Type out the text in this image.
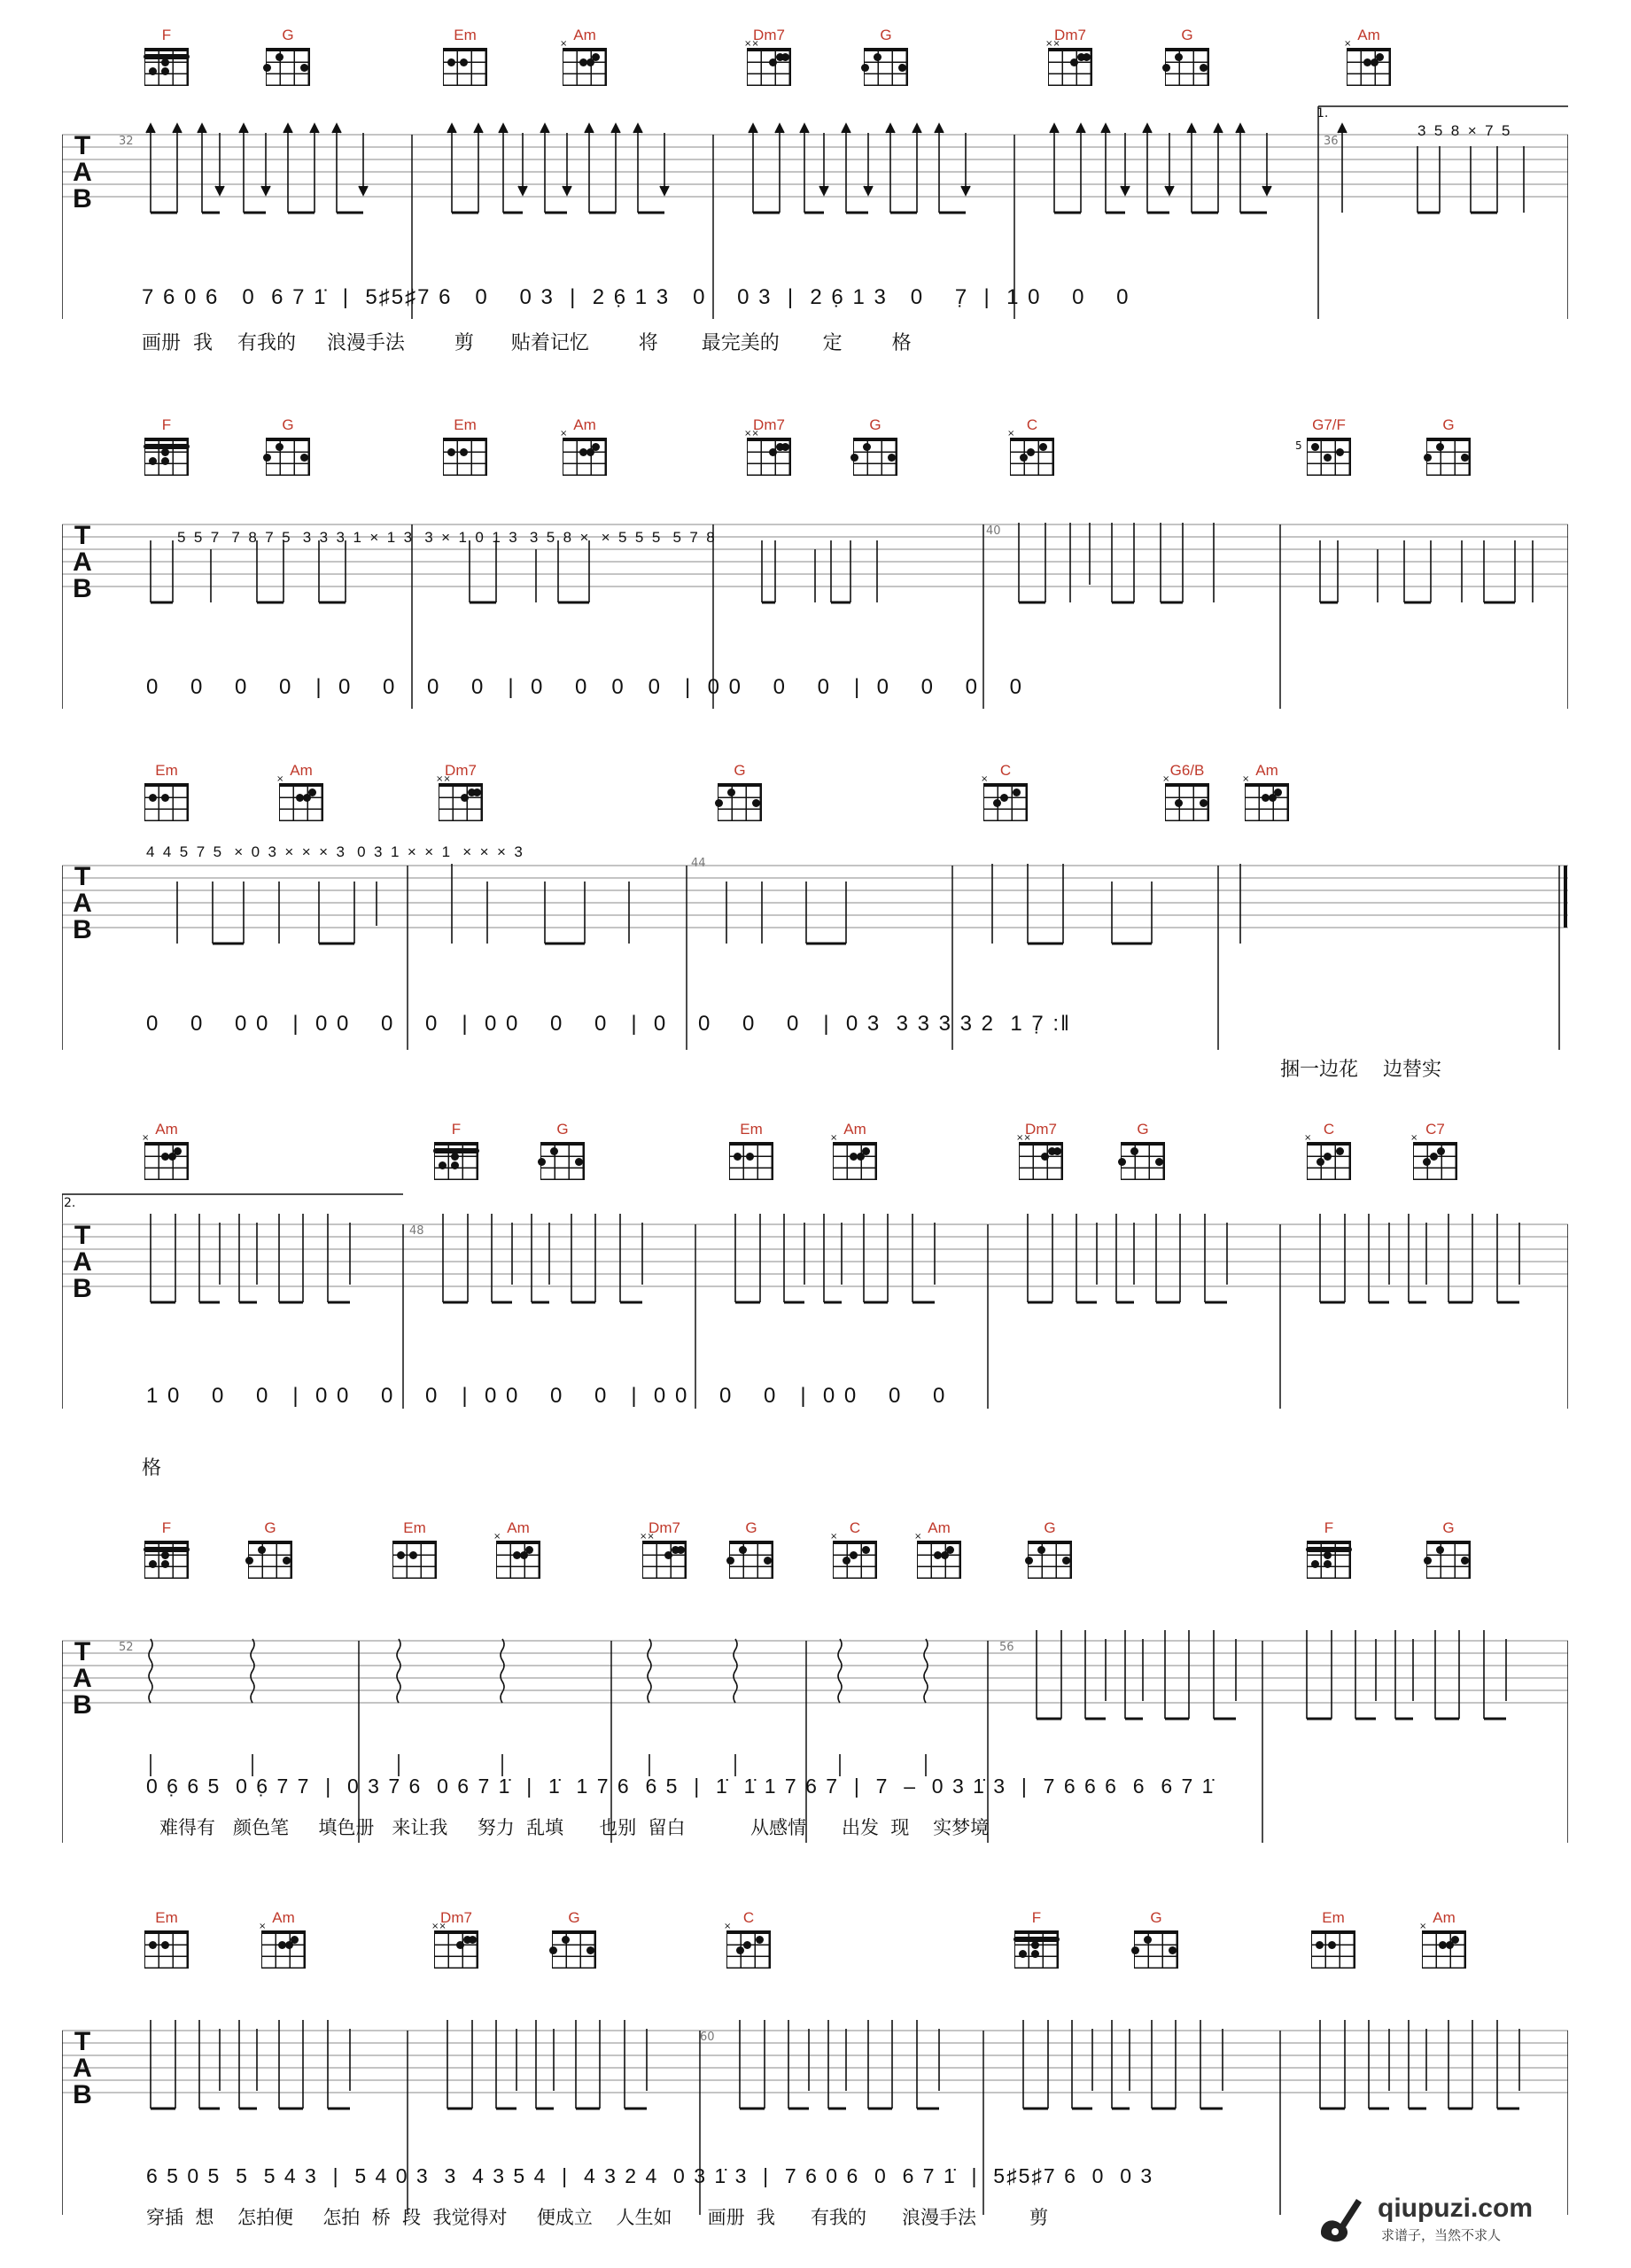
F	G	Em	Am
×
Dm7
××
G	Dm7
××
G	Am
×
1.
32	36
3  5  8  ×  7  5
T
A
B
7 6 0 6   0  6 7 1̇  |  5♯5♯7 6   0    0 3  |  2 6̣ 1 3   0    0 3  |  2 6̣ 1 3   0    7̣  |  1 0    0    0
画册  我    有我的     浪漫手法        剪      贴着记忆        将       最完美的       定        格
F	G	Em	Am
×
Dm7
××
G	C
×
G7/F
5
G
40
5  5  7   7  8  7  5   3  3  3  1  ×  1  3   3  ×  1  0  1  3   3  5  8  ×   ×  5  5  5   5  7  8
T
A
B
0    0    0    0   |  0    0    0    0   |  0    0   0   0   |  0 0    0    0   |  0    0    0    0
Em	Am
×
Dm7
××
G	C
×
G6/B
×
Am
×
44
4  4  5  7  5   ×  0  3  ×  ×  ×  3   0  3  1  ×  ×  1   ×  ×  ×  3
T
A
B
0    0    0 0   |  0 0    0    0   |  0 0    0    0   |  0    0    0    0   |  0 3  3 3 3 3 2  1 7̣ :‖
捆一边花    边替实
Am
×
F	G	Em	Am
×
Dm7
××
G	C
×
C7
×
2.
48
T
A
B
1 0    0    0   |  0 0    0    0   |  0 0    0    0   |  0 0    0    0   |  0 0    0    0
格
F	G	Em	Am
×
Dm7
××
G	C
×
Am
×
G	F	G
52	56
T
A
B
0 6̣ 6 5  0 6̣ 7 7  |  0 3 7 6  0 6 7 1̇  |  1̇  1 7 6  6 5  |  1̇  1̇ 1 7 6 7  |  7  –  0 3 1̇ 3  |  7 6 6 6  6  6 7 1̇
难得有   颜色笔     填色册   来让我     努力  乱填      也别  留白           从感情      出发  现    实梦境
Em	Am
×
Dm7
××
G	C
×
F	G	Em	Am
×
60
T
A
B
6 5 0 5  5  5 4 3  |  5 4 0 3  3  4 3 5 4  |  4 3 2 4  0 3 1̇ 3  |  7 6 0 6  0  6 7 1̇  |  5♯5♯7 6  0  0 3
穿插  想    怎拍便     怎拍  桥  段  我觉得对     便成立    人生如      画册  我      有我的      浪漫手法         剪	qiupuzi.com
求谱子，当然不求人
